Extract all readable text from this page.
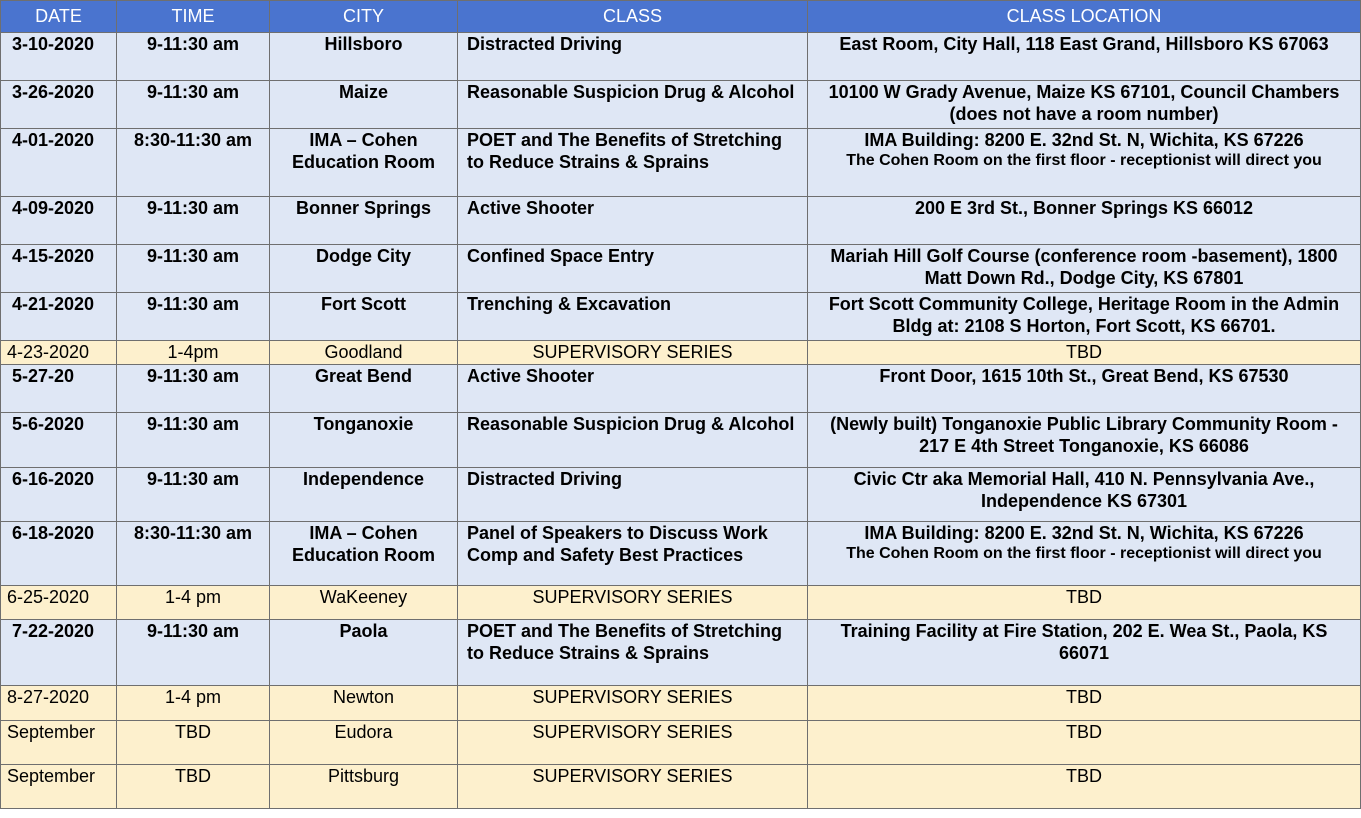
DATE	TIME	CITY	CLASS	CLASS LOCATION
3-10-2020	9-11:30 am	Hillsboro	Distracted Driving	East Room, City Hall, 118 East Grand, Hillsboro KS 67063
3-26-2020	9-11:30 am	Maize	Reasonable Suspicion Drug & Alcohol	10100 W Grady Avenue, Maize KS 67101, Council Chambers (does not have a room number)
4-01-2020	8:30-11:30 am	IMA – Cohen Education Room	POET and The Benefits of Stretching to Reduce Strains & Sprains	IMA Building: 8200 E. 32nd St. N, Wichita, KS 67226
The Cohen Room on the first floor - receptionist will direct you

4-09-2020	9-11:30 am	Bonner Springs	Active Shooter	200 E 3rd St., Bonner Springs KS 66012
4-15-2020	9-11:30 am	Dodge City	Confined Space Entry	Mariah Hill Golf Course (conference room -basement), 1800 Matt Down Rd., Dodge City, KS 67801
4-21-2020	9-11:30 am	Fort Scott	Trenching & Excavation	Fort Scott Community College, Heritage Room in the Admin Bldg at: 2108 S Horton, Fort Scott, KS 66701.
4-23-2020	1-4pm	Goodland	SUPERVISORY SERIES	TBD
5-27-20	9-11:30 am	Great Bend	Active Shooter	Front Door, 1615 10th St., Great Bend, KS 67530
5-6-2020	9-11:30 am	Tonganoxie	Reasonable Suspicion Drug & Alcohol	(Newly built) Tonganoxie Public Library Community Room - 217 E 4th Street Tonganoxie, KS 66086
6-16-2020	9-11:30 am	Independence	Distracted Driving	Civic Ctr aka Memorial Hall, 410 N. Pennsylvania Ave., Independence KS 67301
6-18-2020	8:30-11:30 am	IMA – Cohen Education Room	Panel of Speakers to Discuss Work Comp and Safety Best Practices	IMA Building: 8200 E. 32nd St. N, Wichita, KS 67226
The Cohen Room on the first floor - receptionist will direct you

6-25-2020	1-4 pm	WaKeeney	SUPERVISORY SERIES	TBD
7-22-2020	9-11:30 am	Paola	POET and The Benefits of Stretching to Reduce Strains & Sprains	Training Facility at Fire Station, 202 E. Wea St., Paola, KS 66071
8-27-2020	1-4 pm	Newton	SUPERVISORY SERIES	TBD
September	TBD	Eudora	SUPERVISORY SERIES	TBD
September	TBD	Pittsburg	SUPERVISORY SERIES	TBD
